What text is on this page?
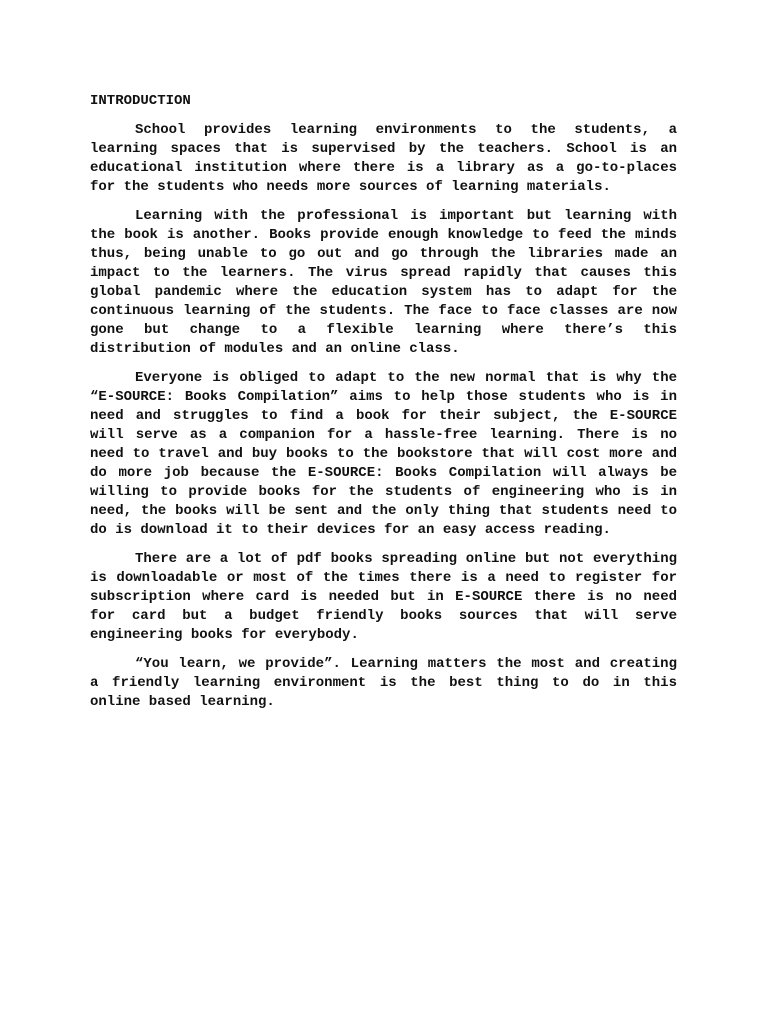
INTRODUCTION

School provides learning environments to the students, a learning spaces that is supervised by the teachers. School is an educational institution where there is a library as a go-to-places for the students who needs more sources of learning materials.

Learning with the professional is important but learning with the book is another. Books provide enough knowledge to feed the minds thus, being unable to go out and go through the libraries made an impact to the learners. The virus spread rapidly that causes this global pandemic where the education system has to adapt for the continuous learning of the students. The face to face classes are now gone but change to a flexible learning where there’s this distribution of modules and an online class.

Everyone is obliged to adapt to the new normal that is why the “E-SOURCE: Books Compilation” aims to help those students who is in need and struggles to find a book for their subject, the E-SOURCE will serve as a companion for a hassle-free learning. There is no need to travel and buy books to the bookstore that will cost more and do more job because the E-SOURCE: Books Compilation will always be willing to provide books for the students of engineering who is in need, the books will be sent and the only thing that students need to do is download it to their devices for an easy access reading.

There are a lot of pdf books spreading online but not everything is downloadable or most of the times there is a need to register for subscription where card is needed but in E-SOURCE there is no need for card but a budget friendly books sources that will serve engineering books for everybody.

“You learn, we provide”. Learning matters the most and creating a friendly learning environment is the best thing to do in this online based learning.
